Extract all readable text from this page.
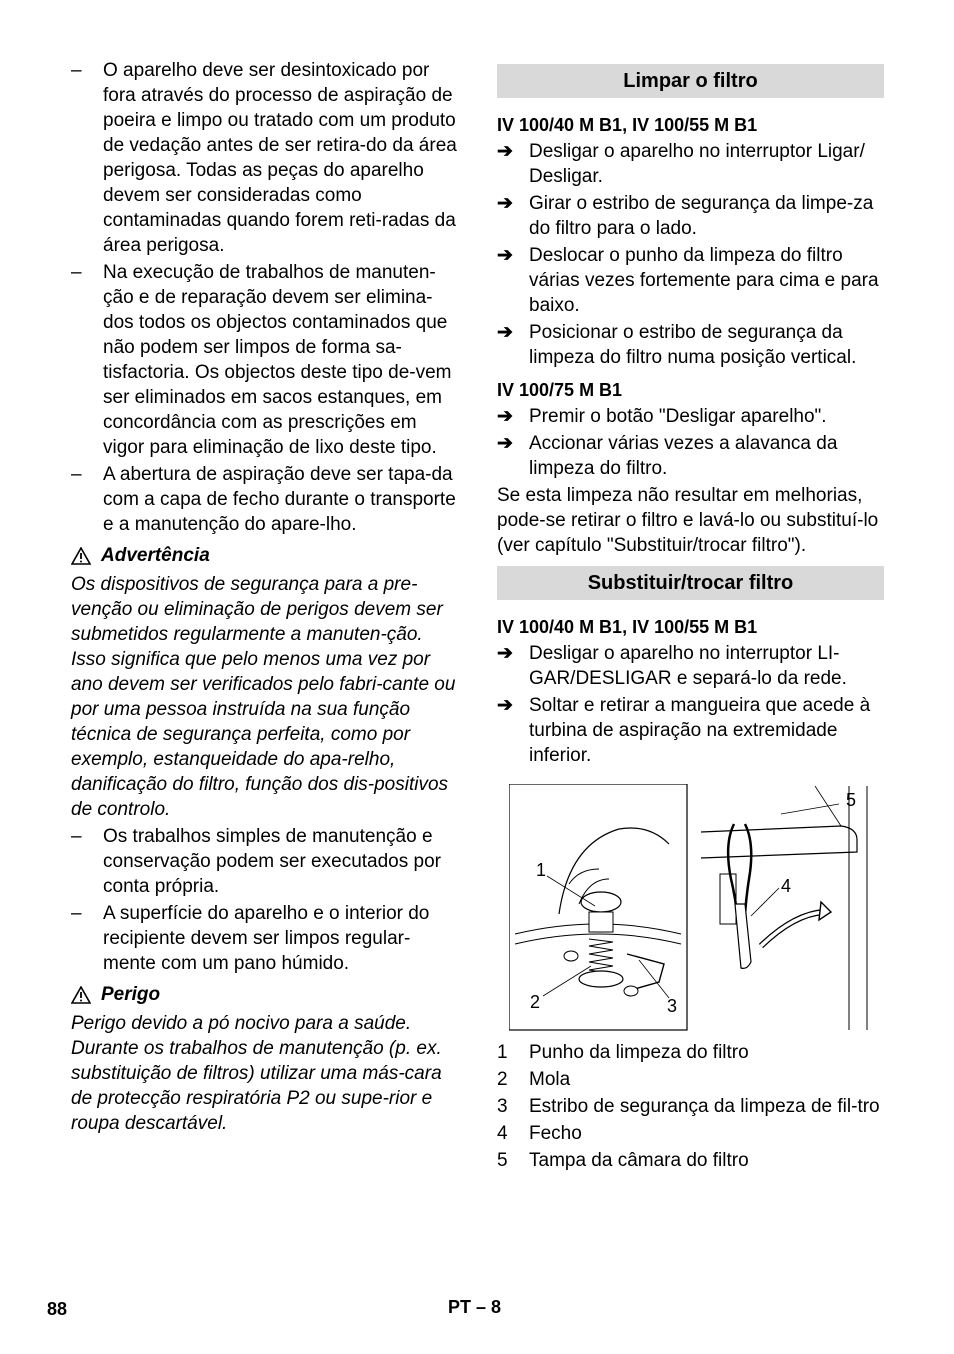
– O aparelho deve ser desintoxicado por fora através do processo de aspiração de poeira e limpo ou tratado com um produto de vedação antes de ser retira-do da área perigosa. Todas as peças do aparelho devem ser consideradas como contaminadas quando forem reti-radas da área perigosa.
– Na execução de trabalhos de manuten-ção e de reparação devem ser elimina-dos todos os objectos contaminados que não podem ser limpos de forma sa-tisfactoria. Os objectos deste tipo de-vem ser eliminados em sacos estanques, em concordância com as prescrições em vigor para eliminação de lixo deste tipo.
– A abertura de aspiração deve ser tapa-da com a capa de fecho durante o transporte e a manutenção do apare-lho.
Advertência

Os dispositivos de segurança para a pre-venção ou eliminação de perigos devem ser submetidos regularmente a manuten-ção. Isso significa que pelo menos uma vez por ano devem ser verificados pelo fabri-cante ou por uma pessoa instruída na sua função técnica de segurança perfeita, como por exemplo, estanqueidade do apa-relho, danificação do filtro, função dos dis-positivos de controlo.

– Os trabalhos simples de manutenção e conservação podem ser executados por conta própria.
– A superfície do aparelho e o interior do recipiente devem ser limpos regular-mente com um pano húmido.
Perigo

Perigo devido a pó nocivo para a saúde. Durante os trabalhos de manutenção (p. ex. substituição de filtros) utilizar uma más-cara de protecção respiratória P2 ou supe-rior e roupa descartável.

Limpar o filtro

IV 100/40 M B1, IV 100/55 M B1

➔ Desligar o aparelho no interruptor Ligar/ Desligar.
➔ Girar o estribo de segurança da limpe-za do filtro para o lado.
➔ Deslocar o punho da limpeza do filtro várias vezes fortemente para cima e para baixo.
➔ Posicionar o estribo de segurança da limpeza do filtro numa posição vertical.

IV 100/75 M B1

➔ Premir o botão "Desligar aparelho".
➔ Accionar várias vezes a alavanca da limpeza do filtro.

Se esta limpeza não resultar em melhorias, pode-se retirar o filtro e lavá-lo ou substituí-lo (ver capítulo "Substituir/trocar filtro").

Substituir/trocar filtro

IV 100/40 M B1, IV 100/55 M B1

➔ Desligar o aparelho no interruptor LI-GAR/DESLIGAR e separá-lo da rede.
➔ Soltar e retirar a mangueira que acede à turbina de aspiração na extremidade inferior.
1
2	3
4
5
1 Punho da limpeza do filtro
2 Mola
3 Estribo de segurança da limpeza de fil-tro
4 Fecho
5 Tampa da câmara do filtro
88	PT – 8
